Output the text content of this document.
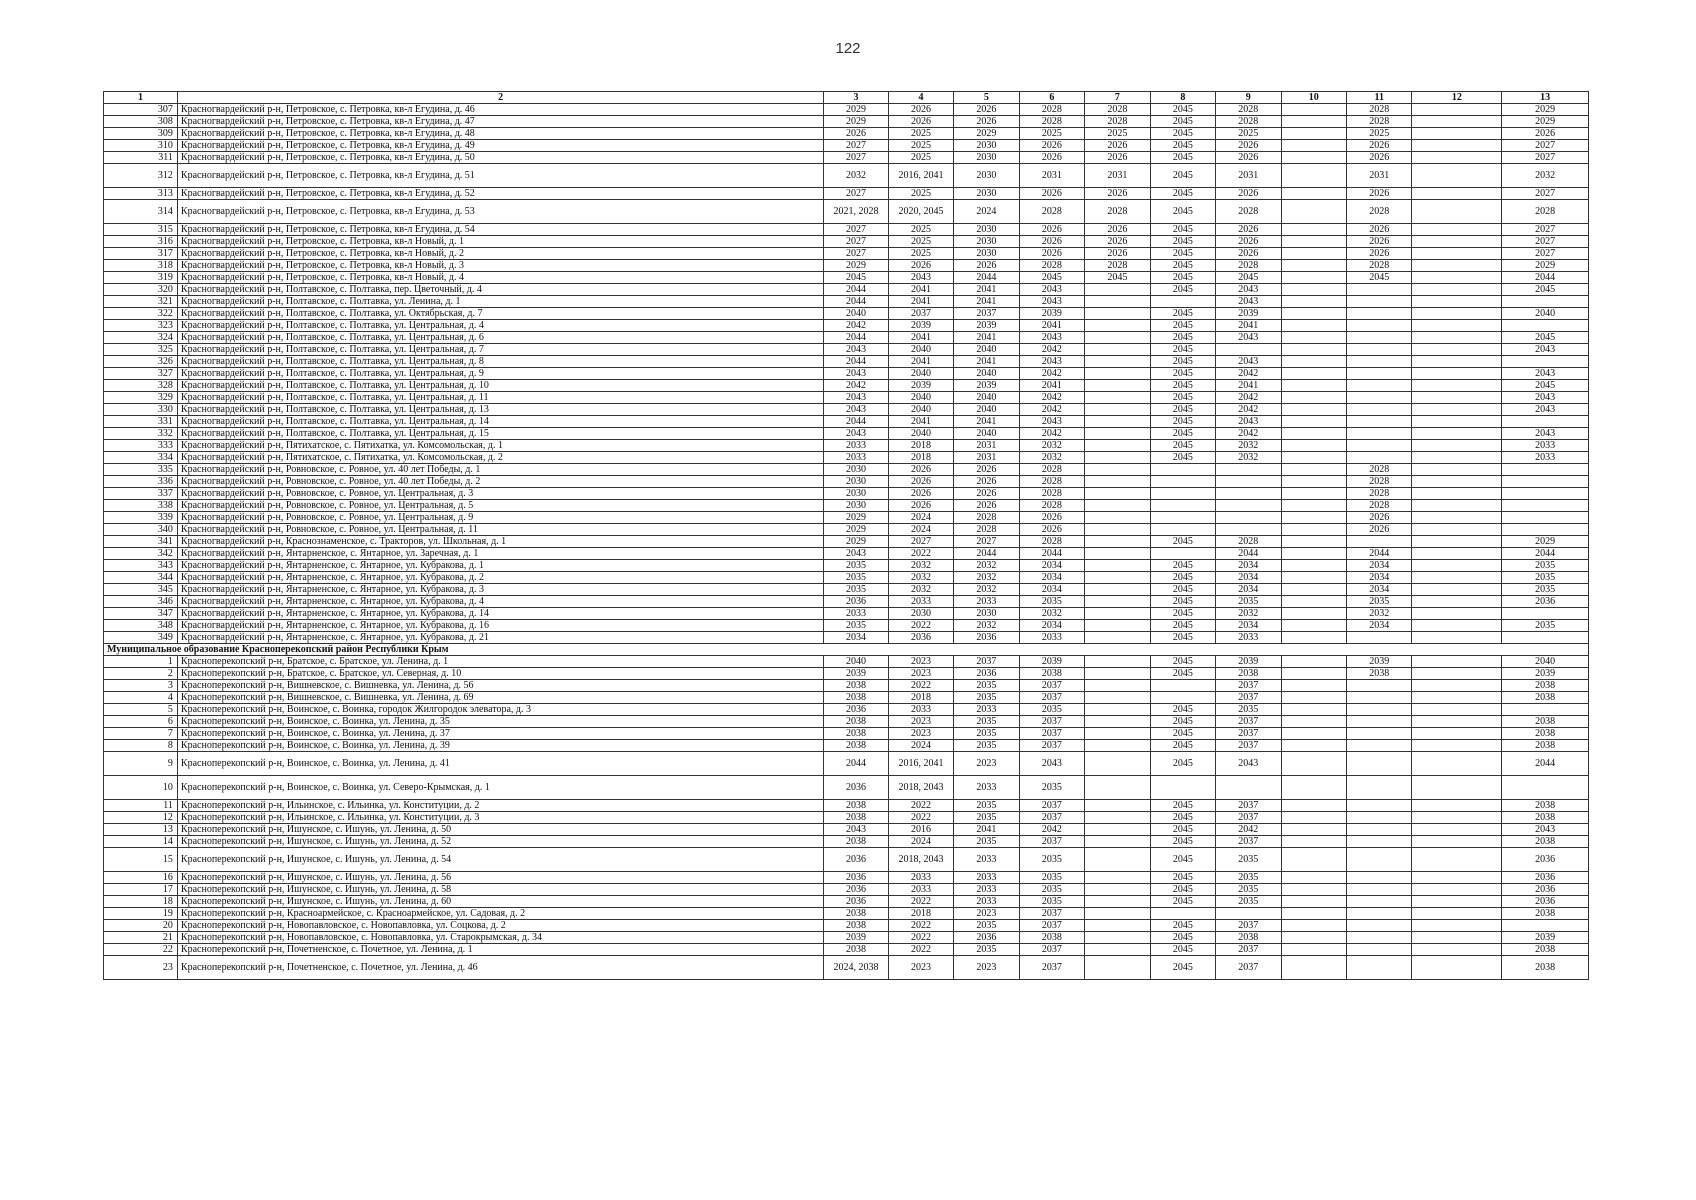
122
1	2	3	4	5	6	7	8	9	10	11	12	13
307	Красногвардейский р-н, Петровское, с. Петровка, кв-л Егудина, д. 46	2029	2026	2026	2028	2028	2045	2028		2028		2029
308	Красногвардейский р-н, Петровское, с. Петровка, кв-л Егудина, д. 47	2029	2026	2026	2028	2028	2045	2028		2028		2029
309	Красногвардейский р-н, Петровское, с. Петровка, кв-л Егудина, д. 48	2026	2025	2029	2025	2025	2045	2025		2025		2026
310	Красногвардейский р-н, Петровское, с. Петровка, кв-л Егудина, д. 49	2027	2025	2030	2026	2026	2045	2026		2026		2027
311	Красногвардейский р-н, Петровское, с. Петровка, кв-л Егудина, д. 50	2027	2025	2030	2026	2026	2045	2026		2026		2027
312	Красногвардейский р-н, Петровское, с. Петровка, кв-л Егудина, д. 51	2032	2016, 2041	2030	2031	2031	2045	2031		2031		2032
313	Красногвардейский р-н, Петровское, с. Петровка, кв-л Егудина, д. 52	2027	2025	2030	2026	2026	2045	2026		2026		2027
314	Красногвардейский р-н, Петровское, с. Петровка, кв-л Егудина, д. 53	2021, 2028	2020, 2045	2024	2028	2028	2045	2028		2028		2028
315	Красногвардейский р-н, Петровское, с. Петровка, кв-л Егудина, д. 54	2027	2025	2030	2026	2026	2045	2026		2026		2027
316	Красногвардейский р-н, Петровское, с. Петровка, кв-л Новый, д. 1	2027	2025	2030	2026	2026	2045	2026		2026		2027
317	Красногвардейский р-н, Петровское, с. Петровка, кв-л Новый, д. 2	2027	2025	2030	2026	2026	2045	2026		2026		2027
318	Красногвардейский р-н, Петровское, с. Петровка, кв-л Новый, д. 3	2029	2026	2026	2028	2028	2045	2028		2028		2029
319	Красногвардейский р-н, Петровское, с. Петровка, кв-л Новый, д. 4	2045	2043	2044	2045	2045	2045	2045		2045		2044
320	Красногвардейский р-н, Полтавское, с. Полтавка, пер. Цветочный, д. 4	2044	2041	2041	2043		2045	2043				2045
321	Красногвардейский р-н, Полтавское, с. Полтавка, ул. Ленина, д. 1	2044	2041	2041	2043			2043				
322	Красногвардейский р-н, Полтавское, с. Полтавка, ул. Октябрьская, д. 7	2040	2037	2037	2039		2045	2039				2040
323	Красногвардейский р-н, Полтавское, с. Полтавка, ул. Центральная, д. 4	2042	2039	2039	2041		2045	2041				
324	Красногвардейский р-н, Полтавское, с. Полтавка, ул. Центральная, д. 6	2044	2041	2041	2043		2045	2043				2045
325	Красногвардейский р-н, Полтавское, с. Полтавка, ул. Центральная, д. 7	2043	2040	2040	2042		2045					2043
326	Красногвардейский р-н, Полтавское, с. Полтавка, ул. Центральная, д. 8	2044	2041	2041	2043		2045	2043				
327	Красногвардейский р-н, Полтавское, с. Полтавка, ул. Центральная, д. 9	2043	2040	2040	2042		2045	2042				2043
328	Красногвардейский р-н, Полтавское, с. Полтавка, ул. Центральная, д. 10	2042	2039	2039	2041		2045	2041				2045
329	Красногвардейский р-н, Полтавское, с. Полтавка, ул. Центральная, д. 11	2043	2040	2040	2042		2045	2042				2043
330	Красногвардейский р-н, Полтавское, с. Полтавка, ул. Центральная, д. 13	2043	2040	2040	2042		2045	2042				2043
331	Красногвардейский р-н, Полтавское, с. Полтавка, ул. Центральная, д. 14	2044	2041	2041	2043		2045	2043				
332	Красногвардейский р-н, Полтавское, с. Полтавка, ул. Центральная, д. 15	2043	2040	2040	2042		2045	2042				2043
333	Красногвардейский р-н, Пятихатское, с. Пятихатка, ул. Комсомольская, д. 1	2033	2018	2031	2032		2045	2032				2033
334	Красногвардейский р-н, Пятихатское, с. Пятихатка, ул. Комсомольская, д. 2	2033	2018	2031	2032		2045	2032				2033
335	Красногвардейский р-н, Ровновское, с. Ровное, ул. 40 лет Победы, д. 1	2030	2026	2026	2028					2028		
336	Красногвардейский р-н, Ровновское, с. Ровное, ул. 40 лет Победы, д. 2	2030	2026	2026	2028					2028		
337	Красногвардейский р-н, Ровновское, с. Ровное, ул. Центральная, д. 3	2030	2026	2026	2028					2028		
338	Красногвардейский р-н, Ровновское, с. Ровное, ул. Центральная, д. 5	2030	2026	2026	2028					2028		
339	Красногвардейский р-н, Ровновское, с. Ровное, ул. Центральная, д. 9	2029	2024	2028	2026					2026		
340	Красногвардейский р-н, Ровновское, с. Ровное, ул. Центральная, д. 11	2029	2024	2028	2026					2026		
341	Красногвардейский р-н, Краснознаменское, с. Тракторов, ул. Школьная, д. 1	2029	2027	2027	2028		2045	2028				2029
342	Красногвардейский р-н, Янтарненское, с. Янтарное, ул. Заречная, д. 1	2043	2022	2044	2044			2044		2044		2044
343	Красногвардейский р-н, Янтарненское, с. Янтарное, ул. Кубракова, д. 1	2035	2032	2032	2034		2045	2034		2034		2035
344	Красногвардейский р-н, Янтарненское, с. Янтарное, ул. Кубракова, д. 2	2035	2032	2032	2034		2045	2034		2034		2035
345	Красногвардейский р-н, Янтарненское, с. Янтарное, ул. Кубракова, д. 3	2035	2032	2032	2034		2045	2034		2034		2035
346	Красногвардейский р-н, Янтарненское, с. Янтарное, ул. Кубракова, д. 4	2036	2033	2033	2035		2045	2035		2035		2036
347	Красногвардейский р-н, Янтарненское, с. Янтарное, ул. Кубракова, д. 14	2033	2030	2030	2032		2045	2032		2032		
348	Красногвардейский р-н, Янтарненское, с. Янтарное, ул. Кубракова, д. 16	2035	2022	2032	2034		2045	2034		2034		2035
349	Красногвардейский р-н, Янтарненское, с. Янтарное, ул. Кубракова, д. 21	2034	2036	2036	2033		2045	2033				
Муниципальное образование Красноперекопский район Республики Крым												
1	Красноперекопский р-н, Братское, с. Братское, ул. Ленина, д. 1	2040	2023	2037	2039		2045	2039		2039		2040
2	Красноперекопский р-н, Братское, с. Братское, ул. Северная, д. 10	2039	2023	2036	2038		2045	2038		2038		2039
3	Красноперекопский р-н, Вишневское, с. Вишневка, ул. Ленина, д. 56	2038	2022	2035	2037			2037				2038
4	Красноперекопский р-н, Вишневское, с. Вишневка, ул. Ленина, д. 69	2038	2018	2035	2037			2037				2038
5	Красноперекопский р-н, Воинское, с. Воинка, городок Жилгородок элеватора, д. 3	2036	2033	2033	2035		2045	2035				
6	Красноперекопский р-н, Воинское, с. Воинка, ул. Ленина, д. 35	2038	2023	2035	2037		2045	2037				2038
7	Красноперекопский р-н, Воинское, с. Воинка, ул. Ленина, д. 37	2038	2023	2035	2037		2045	2037				2038
8	Красноперекопский р-н, Воинское, с. Воинка, ул. Ленина, д. 39	2038	2024	2035	2037		2045	2037				2038
9	Красноперекопский р-н, Воинское, с. Воинка, ул. Ленина, д. 41	2044	2016, 2041	2023	2043		2045	2043				2044
10	Красноперекопский р-н, Воинское, с. Воинка, ул. Северо-Крымская, д. 1	2036	2018, 2043	2033	2035							
11	Красноперекопский р-н, Ильинское, с. Ильинка, ул. Конституции, д. 2	2038	2022	2035	2037		2045	2037				2038
12	Красноперекопский р-н, Ильинское, с. Ильинка, ул. Конституции, д. 3	2038	2022	2035	2037		2045	2037				2038
13	Красноперекопский р-н, Ишунское, с. Ишунь, ул. Ленина, д. 50	2043	2016	2041	2042		2045	2042				2043
14	Красноперекопский р-н, Ишунское, с. Ишунь, ул. Ленина, д. 52	2038	2024	2035	2037		2045	2037				2038
15	Красноперекопский р-н, Ишунское, с. Ишунь, ул. Ленина, д. 54	2036	2018, 2043	2033	2035		2045	2035				2036
16	Красноперекопский р-н, Ишунское, с. Ишунь, ул. Ленина, д. 56	2036	2033	2033	2035		2045	2035				2036
17	Красноперекопский р-н, Ишунское, с. Ишунь, ул. Ленина, д. 58	2036	2033	2033	2035		2045	2035				2036
18	Красноперекопский р-н, Ишунское, с. Ишунь, ул. Ленина, д. 60	2036	2022	2033	2035		2045	2035				2036
19	Красноперекопский р-н, Красноармейское, с. Красноармейское, ул. Садовая, д. 2	2038	2018	2023	2037							2038
20	Красноперекопский р-н, Новопавловское, с. Новопавловка, ул. Соцкова, д. 2	2038	2022	2035	2037		2045	2037				
21	Красноперекопский р-н, Новопавловское, с. Новопавловка, ул. Старокрымская, д. 34	2039	2022	2036	2038		2045	2038				2039
22	Красноперекопский р-н, Почетненское, с. Почетное, ул. Ленина, д. 1	2038	2022	2035	2037		2045	2037				2038
23	Красноперекопский р-н, Почетненское, с. Почетное, ул. Ленина, д. 46	2024, 2038	2023	2023	2037		2045	2037				2038
